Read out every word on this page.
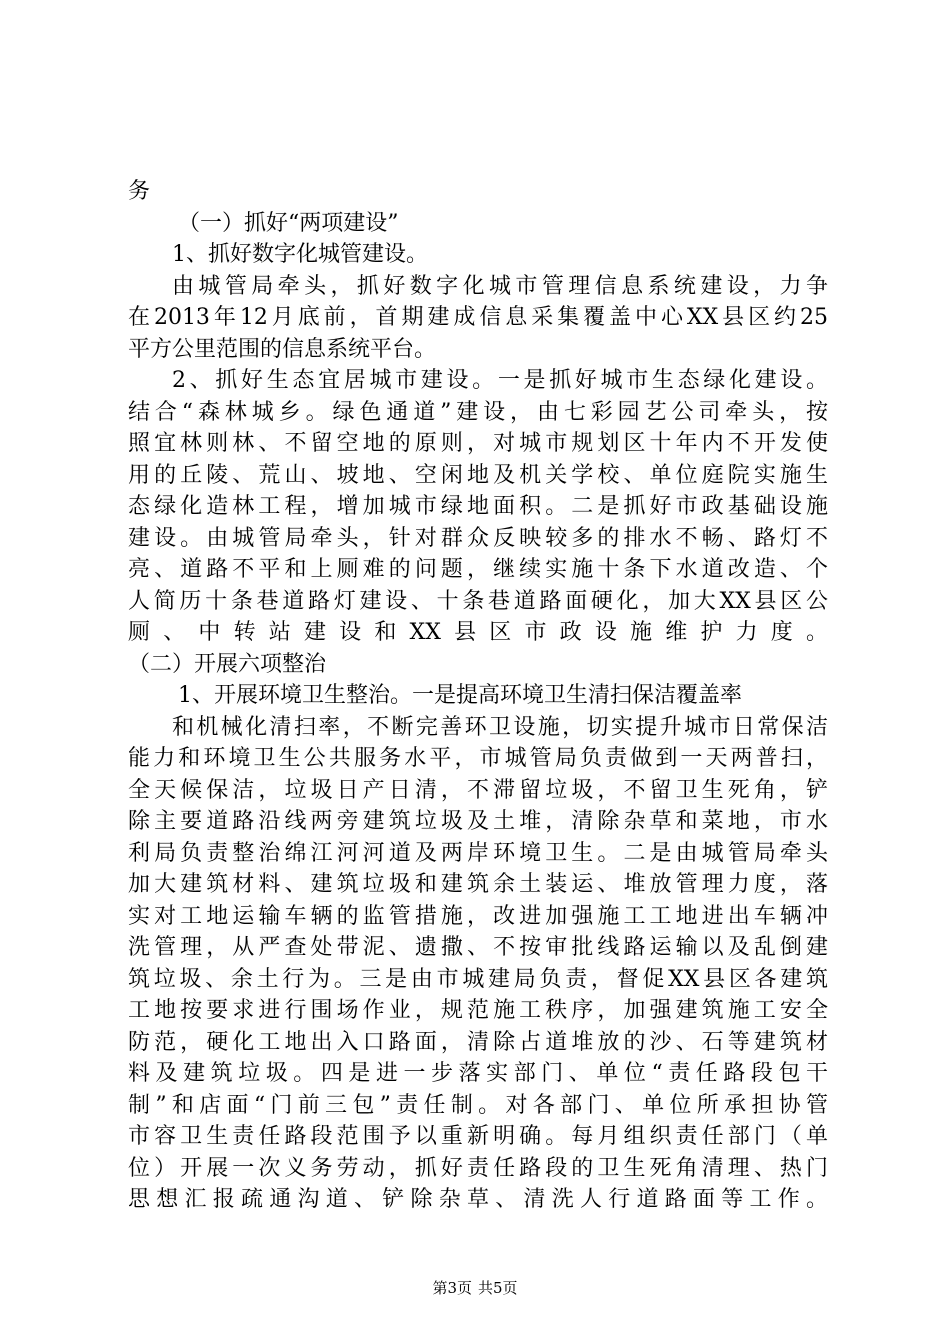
务
（一）抓好“两项建设”
1、抓好数字化城管建设。
由城管局牵头，抓好数字化城市管理信息系统建设，力争
在2013年12月底前，首期建成信息采集覆盖中心XX县区约25
平方公里范围的信息系统平台。
2、抓好生态宜居城市建设。一是抓好城市生态绿化建设。
结合“森林城乡。绿色通道”建设，由七彩园艺公司牵头，按
照宜林则林、不留空地的原则，对城市规划区十年内不开发使
用的丘陵、荒山、坡地、空闲地及机关学校、单位庭院实施生
态绿化造林工程，增加城市绿地面积。二是抓好市政基础设施
建设。由城管局牵头，针对群众反映较多的排水不畅、路灯不
亮、道路不平和上厕难的问题，继续实施十条下水道改造、个
人简历十条巷道路灯建设、十条巷道路面硬化，加大XX县区公
厕、中转站建设和XX县区市政设施维护力度。
（二）开展六项整治
1、开展环境卫生整治。一是提高环境卫生清扫保洁覆盖率
和机械化清扫率，不断完善环卫设施，切实提升城市日常保洁
能力和环境卫生公共服务水平，市城管局负责做到一天两普扫，
全天候保洁，垃圾日产日清，不滞留垃圾，不留卫生死角，铲
除主要道路沿线两旁建筑垃圾及土堆，清除杂草和菜地，市水
利局负责整治绵江河河道及两岸环境卫生。二是由城管局牵头
加大建筑材料、建筑垃圾和建筑余土装运、堆放管理力度，落
实对工地运输车辆的监管措施，改进加强施工工地进出车辆冲
洗管理，从严查处带泥、遗撒、不按审批线路运输以及乱倒建
筑垃圾、余土行为。三是由市城建局负责，督促XX县区各建筑
工地按要求进行围场作业，规范施工秩序，加强建筑施工安全
防范，硬化工地出入口路面，清除占道堆放的沙、石等建筑材
料及建筑垃圾。四是进一步落实部门、单位“责任路段包干
制”和店面“门前三包”责任制。对各部门、单位所承担协管
市容卫生责任路段范围予以重新明确。每月组织责任部门（单
位）开展一次义务劳动，抓好责任路段的卫生死角清理、热门
思想汇报疏通沟道、铲除杂草、清洗人行道路面等工作。
第3页 共5页
